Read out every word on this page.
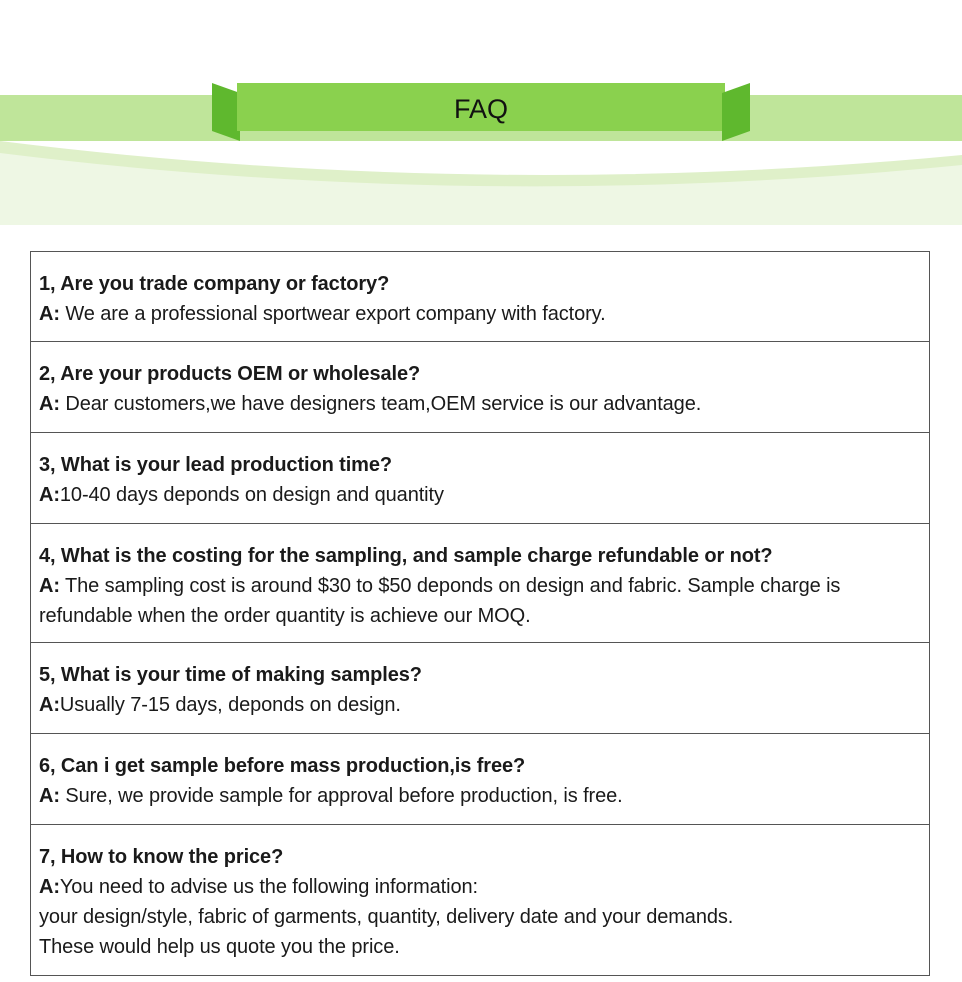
FAQ
1, Are you trade company or factory?
A: We are a professional sportwear export company with factory.
2, Are your products OEM or wholesale?
A: Dear customers,we have designers team,OEM service is our advantage.
3, What is your lead production time?
A:10-40 days deponds on design and quantity
4, What is the costing for the sampling, and sample charge refundable or not?
A: The sampling cost is around $30 to $50 deponds on design and fabric. Sample charge is refundable when the order quantity is achieve our MOQ.
5, What is your time of making samples?
A:Usually 7-15 days, deponds on design.
6, Can i get sample before mass production,is free?
A: Sure, we provide sample for approval before production, is free.
7, How to know the price?
A:You need to advise us the following information:
your design/style, fabric of garments, quantity, delivery date and your demands.
These would help us quote you the price.
